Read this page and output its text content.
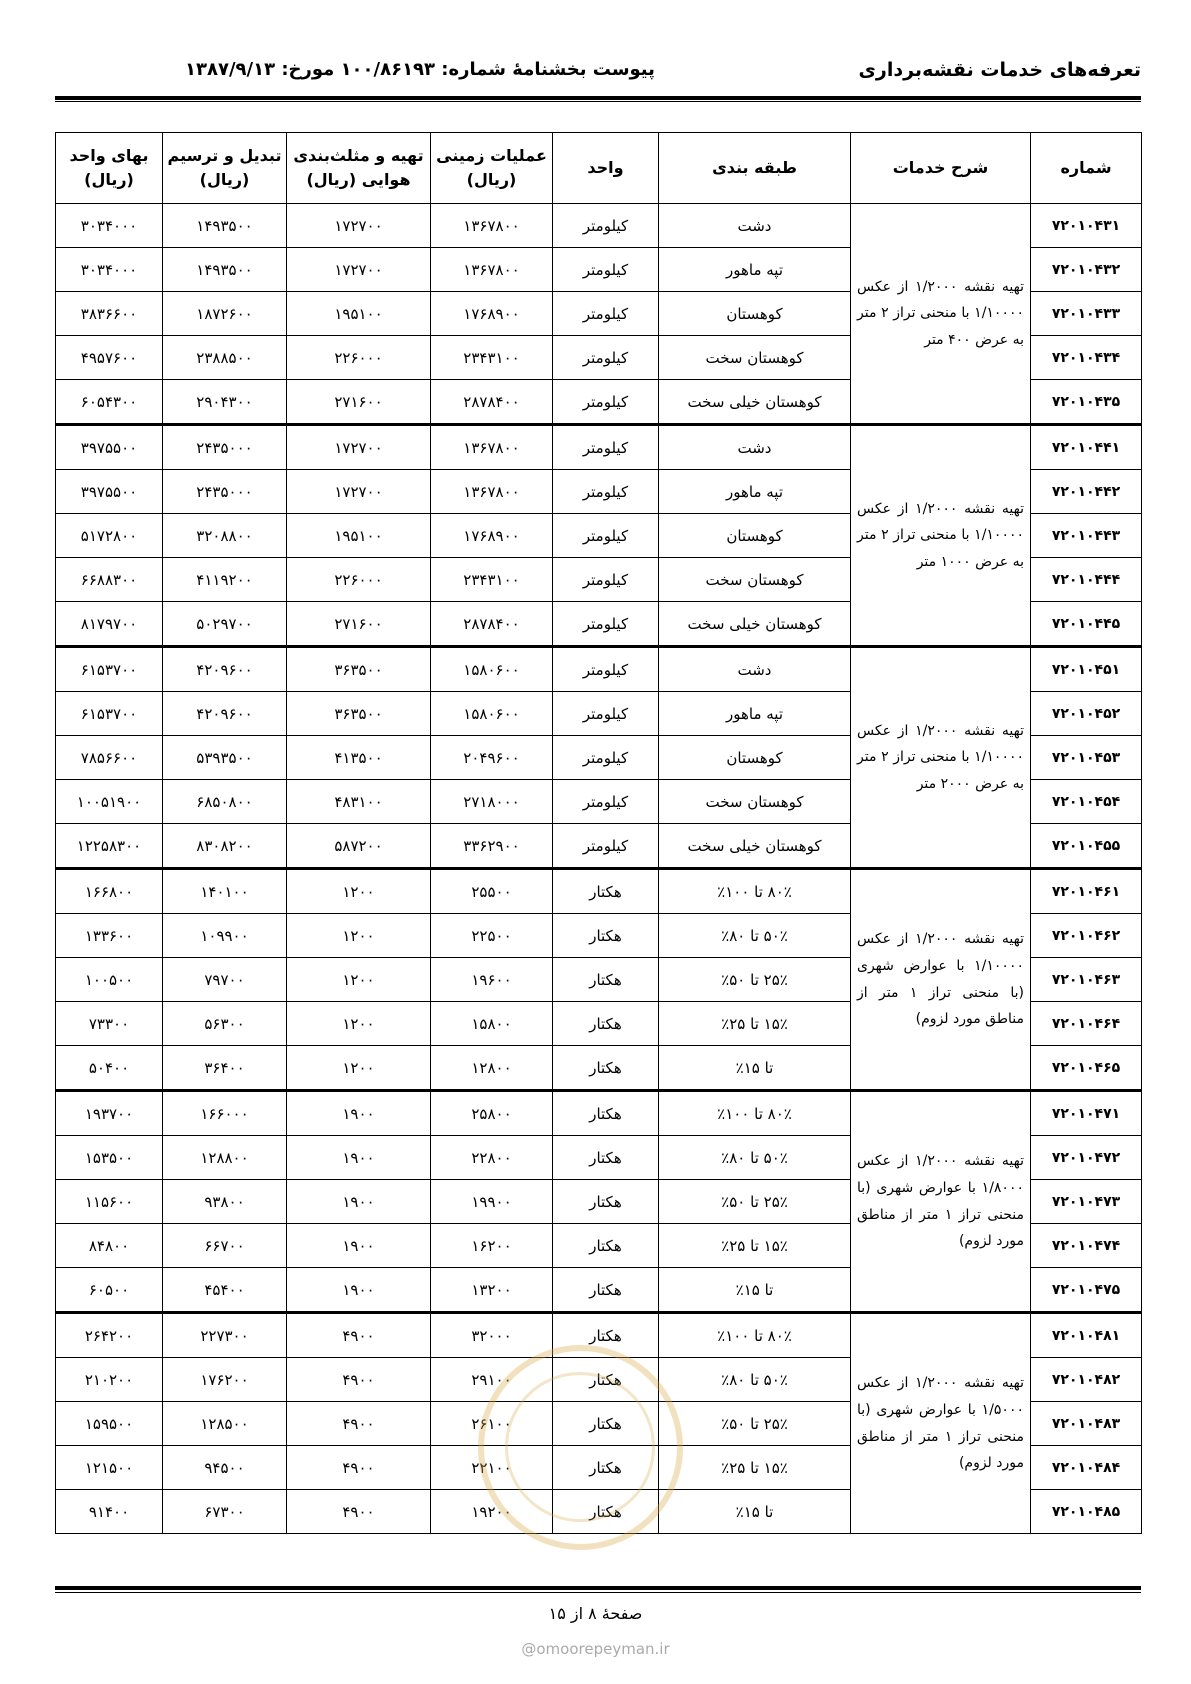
تعرفه‌های خدمات نقشه‌برداری
پیوست بخشنامهٔ شماره: ۱۰۰/۸۶۱۹۳ مورخ: ۱۳۸۷/۹/۱۳
شماره	شرح خدمات	طبقه بندی	واحد	عملیات زمینی (ریال)	تهیه و مثلث‌بندی هوایی (ریال)	تبدیل و ترسیم (ریال)	بهای واحد (ریال)
۷۲۰۱۰۴۳۱	تهیه نقشه ۱/۲۰۰۰ از عکس ۱/۱۰۰۰۰ با منحنی تراز ۲ متر به عرض ۴۰۰ متر	دشت	کیلومتر	۱۳۶۷۸۰۰	۱۷۲۷۰۰	۱۴۹۳۵۰۰	۳۰۳۴۰۰۰
۷۲۰۱۰۴۳۲		تپه ماهور	کیلومتر	۱۳۶۷۸۰۰	۱۷۲۷۰۰	۱۴۹۳۵۰۰	۳۰۳۴۰۰۰
۷۲۰۱۰۴۳۳		کوهستان	کیلومتر	۱۷۶۸۹۰۰	۱۹۵۱۰۰	۱۸۷۲۶۰۰	۳۸۳۶۶۰۰
۷۲۰۱۰۴۳۴		کوهستان سخت	کیلومتر	۲۳۴۳۱۰۰	۲۲۶۰۰۰	۲۳۸۸۵۰۰	۴۹۵۷۶۰۰
۷۲۰۱۰۴۳۵		کوهستان خیلی سخت	کیلومتر	۲۸۷۸۴۰۰	۲۷۱۶۰۰	۲۹۰۴۳۰۰	۶۰۵۴۳۰۰
۷۲۰۱۰۴۴۱	تهیه نقشه ۱/۲۰۰۰ از عکس ۱/۱۰۰۰۰ با منحنی تراز ۲ متر به عرض ۱۰۰۰ متر	دشت	کیلومتر	۱۳۶۷۸۰۰	۱۷۲۷۰۰	۲۴۳۵۰۰۰	۳۹۷۵۵۰۰
۷۲۰۱۰۴۴۲		تپه ماهور	کیلومتر	۱۳۶۷۸۰۰	۱۷۲۷۰۰	۲۴۳۵۰۰۰	۳۹۷۵۵۰۰
۷۲۰۱۰۴۴۳		کوهستان	کیلومتر	۱۷۶۸۹۰۰	۱۹۵۱۰۰	۳۲۰۸۸۰۰	۵۱۷۲۸۰۰
۷۲۰۱۰۴۴۴		کوهستان سخت	کیلومتر	۲۳۴۳۱۰۰	۲۲۶۰۰۰	۴۱۱۹۲۰۰	۶۶۸۸۳۰۰
۷۲۰۱۰۴۴۵		کوهستان خیلی سخت	کیلومتر	۲۸۷۸۴۰۰	۲۷۱۶۰۰	۵۰۲۹۷۰۰	۸۱۷۹۷۰۰
۷۲۰۱۰۴۵۱	تهیه نقشه ۱/۲۰۰۰ از عکس ۱/۱۰۰۰۰ با منحنی تراز ۲ متر به عرض ۲۰۰۰ متر	دشت	کیلومتر	۱۵۸۰۶۰۰	۳۶۳۵۰۰	۴۲۰۹۶۰۰	۶۱۵۳۷۰۰
۷۲۰۱۰۴۵۲		تپه ماهور	کیلومتر	۱۵۸۰۶۰۰	۳۶۳۵۰۰	۴۲۰۹۶۰۰	۶۱۵۳۷۰۰
۷۲۰۱۰۴۵۳		کوهستان	کیلومتر	۲۰۴۹۶۰۰	۴۱۳۵۰۰	۵۳۹۳۵۰۰	۷۸۵۶۶۰۰
۷۲۰۱۰۴۵۴		کوهستان سخت	کیلومتر	۲۷۱۸۰۰۰	۴۸۳۱۰۰	۶۸۵۰۸۰۰	۱۰۰۵۱۹۰۰
۷۲۰۱۰۴۵۵		کوهستان خیلی سخت	کیلومتر	۳۳۶۲۹۰۰	۵۸۷۲۰۰	۸۳۰۸۲۰۰	۱۲۲۵۸۳۰۰
۷۲۰۱۰۴۶۱	تهیه نقشه ۱/۲۰۰۰ از عکس ۱/۱۰۰۰۰ با عوارض شهری (با منحنی تراز ۱ متر از مناطق مورد لزوم)	۸۰٪ تا ۱۰۰٪	هکتار	۲۵۵۰۰	۱۲۰۰	۱۴۰۱۰۰	۱۶۶۸۰۰
۷۲۰۱۰۴۶۲		۵۰٪ تا ۸۰٪	هکتار	۲۲۵۰۰	۱۲۰۰	۱۰۹۹۰۰	۱۳۳۶۰۰
۷۲۰۱۰۴۶۳		۲۵٪ تا ۵۰٪	هکتار	۱۹۶۰۰	۱۲۰۰	۷۹۷۰۰	۱۰۰۵۰۰
۷۲۰۱۰۴۶۴		۱۵٪ تا ۲۵٪	هکتار	۱۵۸۰۰	۱۲۰۰	۵۶۳۰۰	۷۳۳۰۰
۷۲۰۱۰۴۶۵		تا ۱۵٪	هکتار	۱۲۸۰۰	۱۲۰۰	۳۶۴۰۰	۵۰۴۰۰
۷۲۰۱۰۴۷۱	تهیه نقشه ۱/۲۰۰۰ از عکس ۱/۸۰۰۰ با عوارض شهری (با منحنی تراز ۱ متر از مناطق مورد لزوم)	۸۰٪ تا ۱۰۰٪	هکتار	۲۵۸۰۰	۱۹۰۰	۱۶۶۰۰۰	۱۹۳۷۰۰
۷۲۰۱۰۴۷۲		۵۰٪ تا ۸۰٪	هکتار	۲۲۸۰۰	۱۹۰۰	۱۲۸۸۰۰	۱۵۳۵۰۰
۷۲۰۱۰۴۷۳		۲۵٪ تا ۵۰٪	هکتار	۱۹۹۰۰	۱۹۰۰	۹۳۸۰۰	۱۱۵۶۰۰
۷۲۰۱۰۴۷۴		۱۵٪ تا ۲۵٪	هکتار	۱۶۲۰۰	۱۹۰۰	۶۶۷۰۰	۸۴۸۰۰
۷۲۰۱۰۴۷۵		تا ۱۵٪	هکتار	۱۳۲۰۰	۱۹۰۰	۴۵۴۰۰	۶۰۵۰۰
۷۲۰۱۰۴۸۱	تهیه نقشه ۱/۲۰۰۰ از عکس ۱/۵۰۰۰ با عوارض شهری (با منحنی تراز ۱ متر از مناطق مورد لزوم)	۸۰٪ تا ۱۰۰٪	هکتار	۳۲۰۰۰	۴۹۰۰	۲۲۷۳۰۰	۲۶۴۲۰۰
۷۲۰۱۰۴۸۲		۵۰٪ تا ۸۰٪	هکتار	۲۹۱۰۰	۴۹۰۰	۱۷۶۲۰۰	۲۱۰۲۰۰
۷۲۰۱۰۴۸۳		۲۵٪ تا ۵۰٪	هکتار	۲۶۱۰۰	۴۹۰۰	۱۲۸۵۰۰	۱۵۹۵۰۰
۷۲۰۱۰۴۸۴		۱۵٪ تا ۲۵٪	هکتار	۲۲۱۰۰	۴۹۰۰	۹۴۵۰۰	۱۲۱۵۰۰
۷۲۰۱۰۴۸۵		تا ۱۵٪	هکتار	۱۹۲۰۰	۴۹۰۰	۶۷۳۰۰	۹۱۴۰۰
صفحهٔ ۸ از ۱۵
@omoorepeyman.ir
